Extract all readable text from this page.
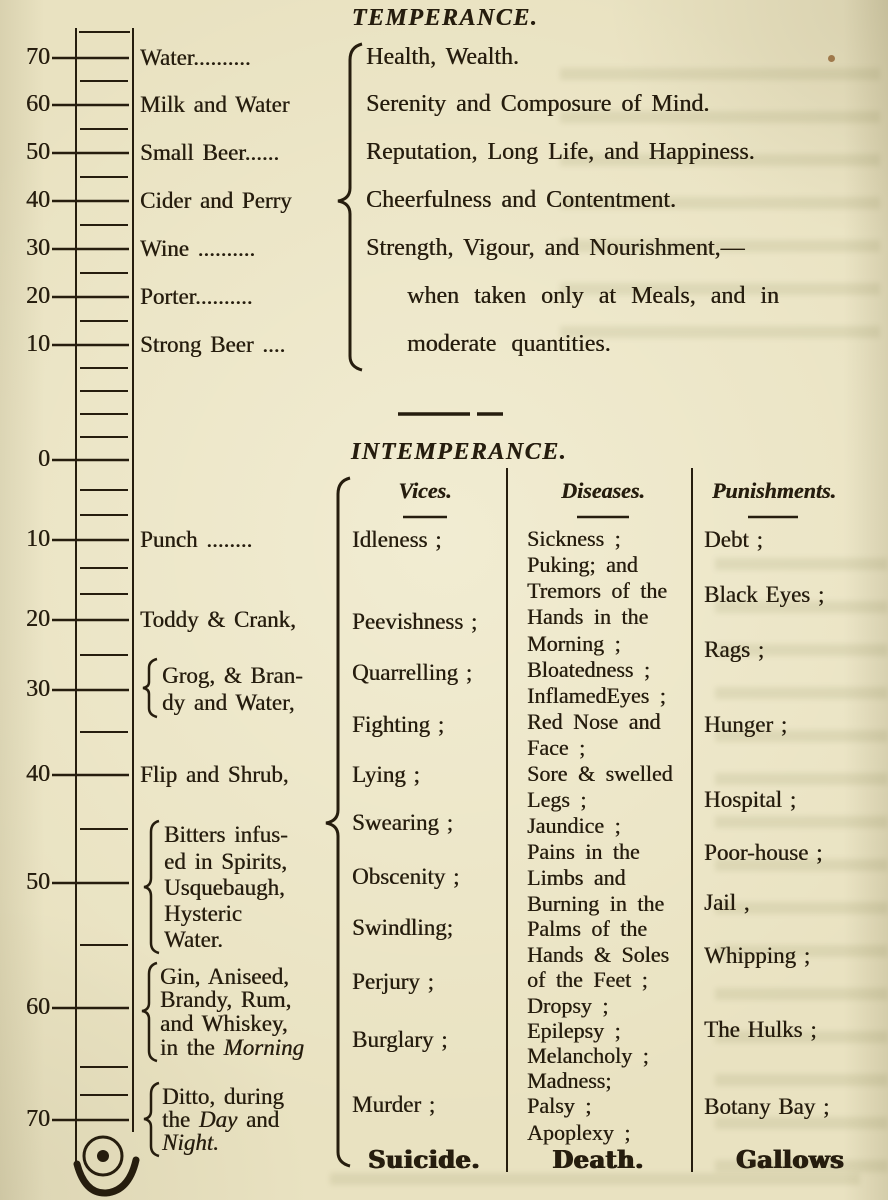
TEMPERANCE.
70
60
50
40
30
20
10
0
Water..........
Milk and Water
Small Beer......
Cider and Perry
Wine ..........
Porter..........
Strong Beer ....
Health, Wealth.
Serenity and Composure of Mind.
Reputation, Long Life, and Happiness.
Cheerfulness and Contentment.
Strength, Vigour, and Nourishment,—
when taken only at Meals, and in
moderate quantities.
INTEMPERANCE.
Vices.	Diseases.	Punishments.
10
20
30
40
50
60
70
Punch ........
Toddy & Crank,
Grog, & Bran-
dy and Water,
Flip and Shrub,
Bitters infus-
ed in Spirits,
Usquebaugh,
Hysteric
Water.
Gin, Aniseed,
Brandy, Rum,
and Whiskey,
in the Morning
Ditto, during
the Day and
Night.
Idleness ;
Peevishness ;
Quarrelling ;
Fighting ;
Lying ;
Swearing ;
Obscenity ;
Swindling;
Perjury ;
Burglary ;
Murder ;
Suicide.
Sickness ;
Puking; and
Tremors of the
Hands in the
Morning ;
Bloatedness ;
InflamedEyes ;
Red Nose and
Face ;
Sore & swelled
Legs ;
Jaundice ;
Pains in the
Limbs and
Burning in the
Palms of the
Hands & Soles
of the Feet ;
Dropsy ;
Epilepsy ;
Melancholy ;
Madness;
Palsy ;
Apoplexy ;
Death.
Debt ;
Black Eyes ;
Rags ;
Hunger ;
Hospital ;
Poor-house ;
Jail ,
Whipping ;
The Hulks ;
Botany Bay ;
Gallows
